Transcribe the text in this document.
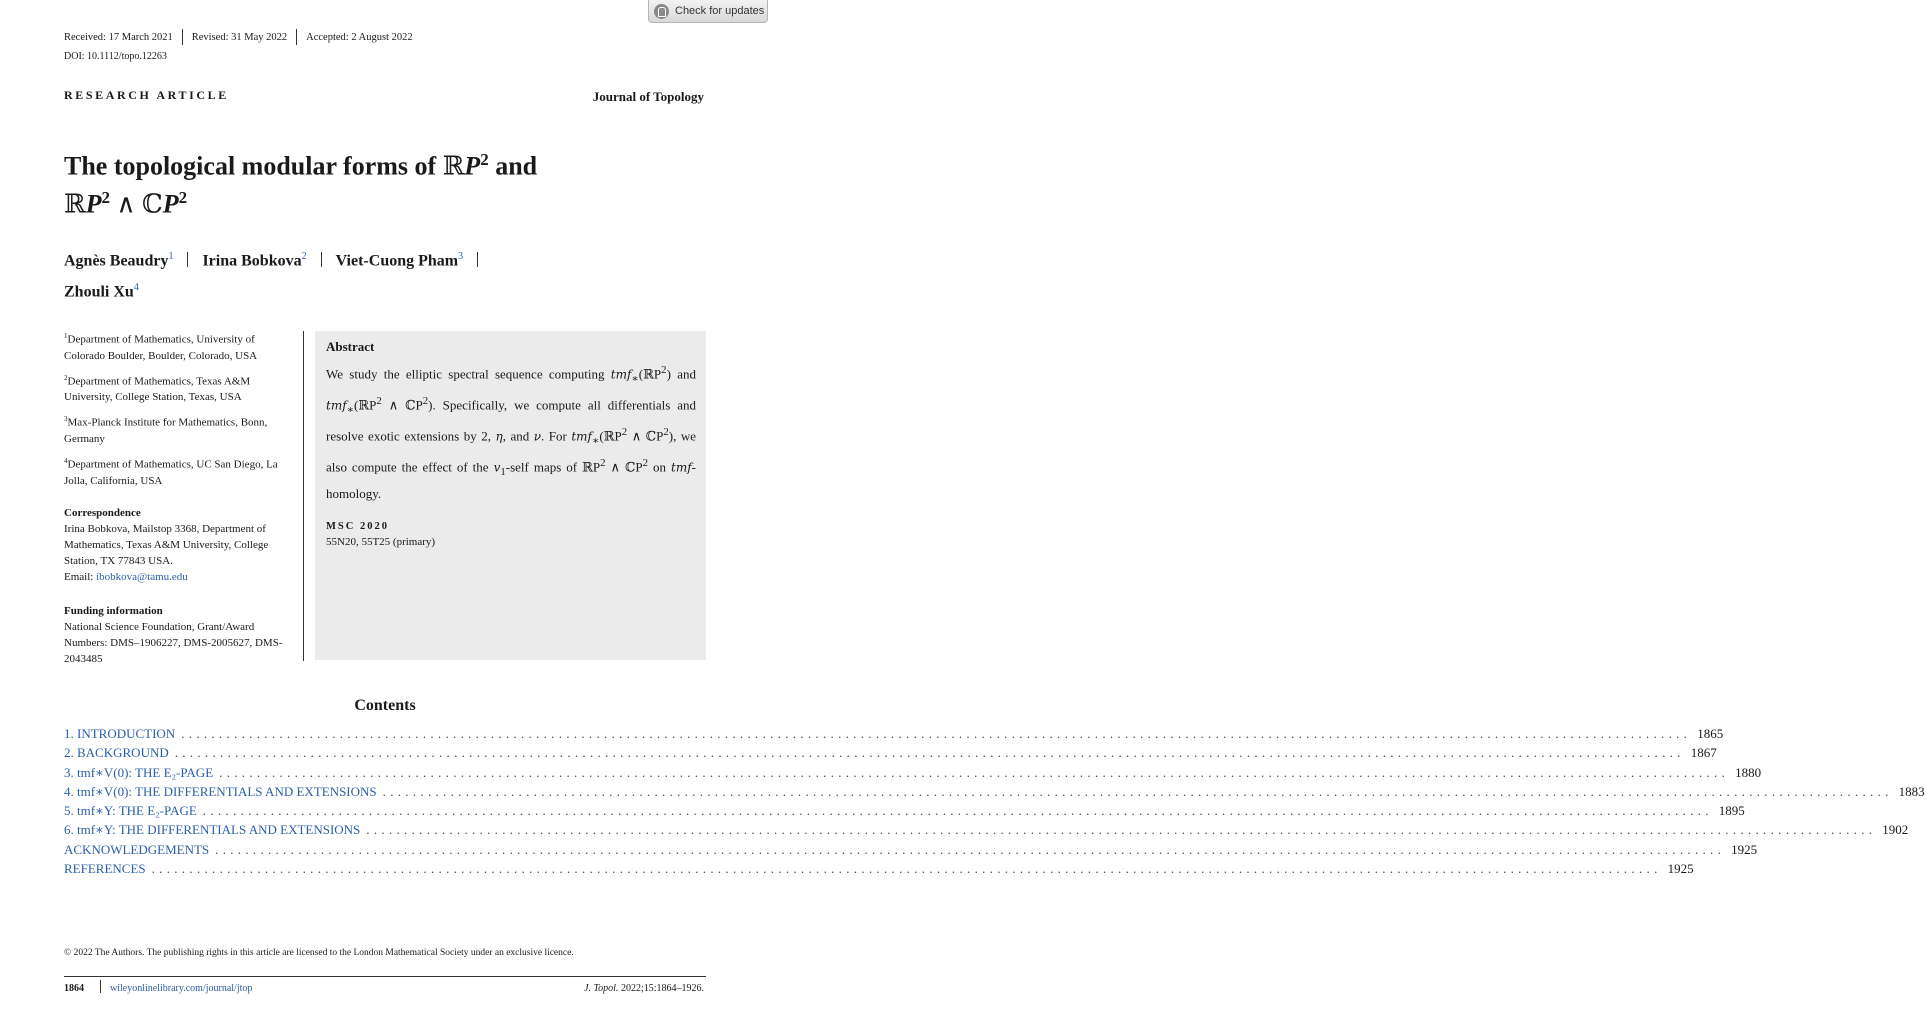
Check for updates
Received: 17 March 2021 Revised: 31 May 2022 Accepted: 2 August 2022
DOI: 10.1112/topo.12263
RESEARCH ARTICLE	Journal of Topology
The topological modular forms of ℝP$^2$ and
ℝP$^2$ ∧ ℂP$^2$
Agnès Beaudry$^1$ Irina Bobkova$^2$ Viet-Cuong Pham$^3$
Zhouli Xu$^4$

$^1$Department of Mathematics, University of Colorado Boulder, Boulder, Colorado, USA

$^2$Department of Mathematics, Texas A&M University, College Station, Texas, USA

$^3$Max-Planck Institute for Mathematics, Bonn, Germany

$^4$Department of Mathematics, UC San Diego, La Jolla, California, USA

Correspondence

Irina Bobkova, Mailstop 3368, Department of Mathematics, Texas A&M University, College Station, TX 77843 USA.
Email: ibobkova@tamu.edu

Funding information

National Science Foundation, Grant/Award Numbers: DMS–1906227, DMS-2005627, DMS-2043485

Abstract
We study the elliptic spectral sequence computing tmf$_∗$(ℝP$^2$) and tmf$_∗$(ℝP$^2$ ∧ ℂP$^2$). Specifically, we compute all differentials and resolve exotic extensions by 2, η, and ν. For tmf$_∗$(ℝP$^2$ ∧ ℂP$^2$), we also compute the effect of the $v_1$-self maps of ℝP$^2$ ∧ ℂP$^2$ on tmf-homology.
MSC 2020
55N20, 55T25 (primary)
Contents
1. INTRODUCTION ........................................................................................................................................................................................................ 1865
2. BACKGROUND ........................................................................................................................................................................................................ 1867
3. tmf∗V(0): THE E₂-PAGE ........................................................................................................................................................................................................ 1880
4. tmf∗V(0): THE DIFFERENTIALS AND EXTENSIONS ........................................................................................................................................................................................................ 1883
5. tmf∗Y: THE E₂-PAGE ........................................................................................................................................................................................................ 1895
6. tmf∗Y: THE DIFFERENTIALS AND EXTENSIONS ........................................................................................................................................................................................................ 1902
ACKNOWLEDGEMENTS ........................................................................................................................................................................................................ 1925
REFERENCES ........................................................................................................................................................................................................ 1925
© 2022 The Authors. The publishing rights in this article are licensed to the London Mathematical Society under an exclusive licence.
1864	wileyonlinelibrary.com/journal/jtop	J. Topol. 2022;15:1864–1926.
